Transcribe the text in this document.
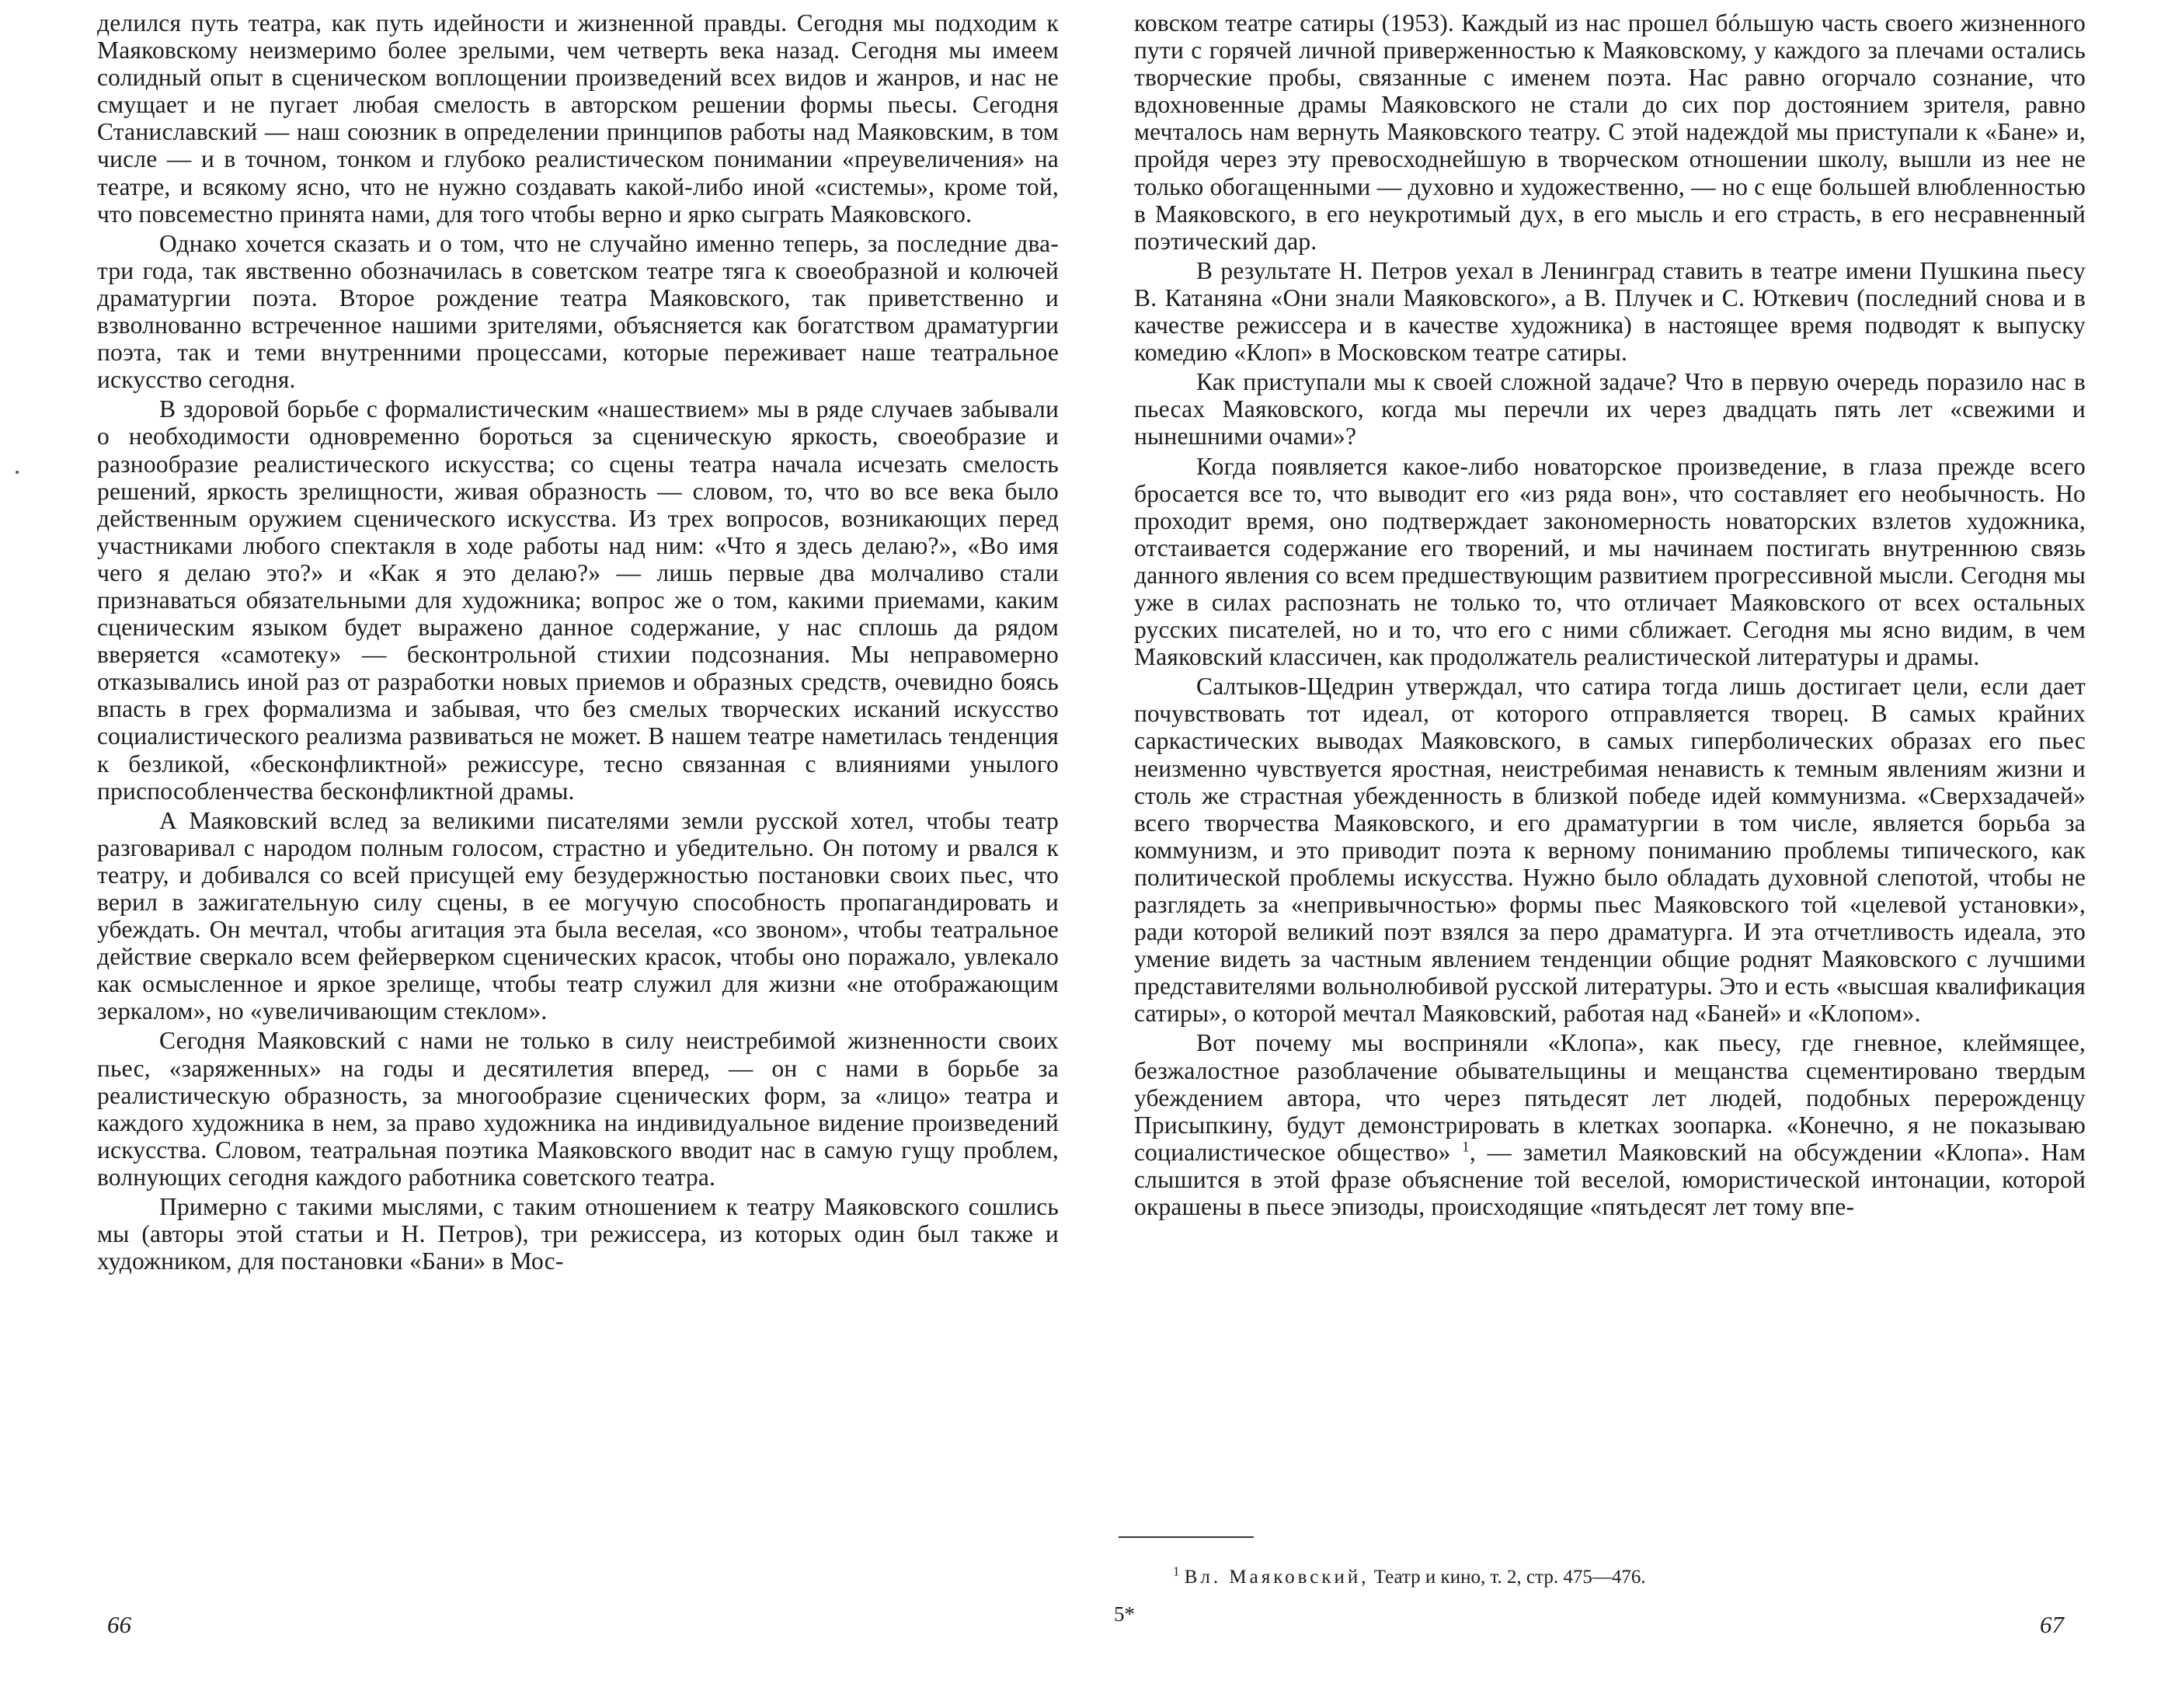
делился путь театра, как путь идейности и жизненной правды. Сегодня мы подходим к Маяковскому неизмеримо более зрелыми, чем четверть века назад. Сегодня мы имеем солидный опыт в сценическом воплощении произведений всех видов и жанров, и нас не смущает и не пугает любая смелость в авторском решении формы пьесы. Сегодня Станиславский — наш союзник в определении принципов работы над Маяковским, в том числе — и в точном, тонком и глубоко реалистическом понимании «преувеличения» на театре, и всякому ясно, что не нужно создавать какой-либо иной «системы», кроме той, что повсеместно принята нами, для того чтобы верно и ярко сыграть Маяковского.

Однако хочется сказать и о том, что не случайно именно теперь, за последние два-три года, так явственно обозначилась в советском театре тяга к своеобразной и колючей драматургии поэта. Второе рождение театра Маяковского, так приветственно и взволнованно встреченное нашими зрителями, объясняется как богатством драматургии поэта, так и теми внутренними процессами, которые переживает наше театральное искусство сегодня.

В здоровой борьбе с формалистическим «нашествием» мы в ряде случаев забывали о необходимости одновременно бороться за сценическую яркость, своеобразие и разнообразие реалистического искусства; со сцены театра начала исчезать смелость решений, яркость зрелищности, живая образность — словом, то, что во все века было действенным оружием сценического искусства. Из трех вопросов, возникающих перед участниками любого спектакля в ходе работы над ним: «Что я здесь делаю?», «Во имя чего я делаю это?» и «Как я это делаю?» — лишь первые два молчаливо стали признаваться обязательными для художника; вопрос же о том, какими приемами, каким сценическим языком будет выражено данное содержание, у нас сплошь да рядом вверяется «самотеку» — бесконтрольной стихии подсознания. Мы неправомерно отказывались иной раз от разработки новых приемов и образных средств, очевидно боясь впасть в грех формализма и забывая, что без смелых творческих исканий искусство социалистического реализма развиваться не может. В нашем театре наметилась тенденция к безликой, «бесконфликтной» режиссуре, тесно связанная с влияниями унылого приспособленчества бесконфликтной драмы.

А Маяковский вслед за великими писателями земли русской хотел, чтобы театр разговаривал с народом полным голосом, страстно и убедительно. Он потому и рвался к театру, и добивался со всей присущей ему безудержностью постановки своих пьес, что верил в зажигательную силу сцены, в ее могучую способность пропагандировать и убеждать. Он мечтал, чтобы агитация эта была веселая, «со звоном», чтобы театральное действие сверкало всем фейерверком сценических красок, чтобы оно поражало, увлекало как осмысленное и яркое зрелище, чтобы театр служил для жизни «не отображающим зеркалом», но «увеличивающим стеклом».

Сегодня Маяковский с нами не только в силу неистребимой жизненности своих пьес, «заряженных» на годы и десятилетия вперед, — он с нами в борьбе за реалистическую образность, за многообразие сценических форм, за «лицо» театра и каждого художника в нем, за право художника на индивидуальное видение произведений искусства. Словом, театральная поэтика Маяковского вводит нас в самую гущу проблем, волнующих сегодня каждого работника советского театра.

Примерно с такими мыслями, с таким отношением к театру Маяковского сошлись мы (авторы этой статьи и Н. Петров), три режиссера, из которых один был также и художником, для постановки «Бани» в Мос-

66

ковском театре сатиры (1953). Каждый из нас прошел бóльшую часть своего жизненного пути с горячей личной приверженностью к Маяковскому, у каждого за плечами остались творческие пробы, связанные с именем поэта. Нас равно огорчало сознание, что вдохновенные драмы Маяковского не стали до сих пор достоянием зрителя, равно мечталось нам вернуть Маяковского театру. С этой надеждой мы приступали к «Бане» и, пройдя через эту превосходнейшую в творческом отношении школу, вышли из нее не только обогащенными — духовно и художественно, — но с еще большей влюбленностью в Маяковского, в его неукротимый дух, в его мысль и его страсть, в его несравненный поэтический дар.

В результате Н. Петров уехал в Ленинград ставить в театре имени Пушкина пьесу В. Катаняна «Они знали Маяковского», а В. Плучек и С. Юткевич (последний снова и в качестве режиссера и в качестве художника) в настоящее время подводят к выпуску комедию «Клоп» в Московском театре сатиры.

Как приступали мы к своей сложной задаче? Что в первую очередь поразило нас в пьесах Маяковского, когда мы перечли их через двадцать пять лет «свежими и нынешними очами»?

Когда появляется какое-либо новаторское произведение, в глаза прежде всего бросается все то, что выводит его «из ряда вон», что составляет его необычность. Но проходит время, оно подтверждает закономерность новаторских взлетов художника, отстаивается содержание его творений, и мы начинаем постигать внутреннюю связь данного явления со всем предшествующим развитием прогрессивной мысли. Сегодня мы уже в силах распознать не только то, что отличает Маяковского от всех остальных русских писателей, но и то, что его с ними сближает. Сегодня мы ясно видим, в чем Маяковский классичен, как продолжатель реалистической литературы и драмы.

Салтыков-Щедрин утверждал, что сатира тогда лишь достигает цели, если дает почувствовать тот идеал, от которого отправляется творец. В самых крайних саркастических выводах Маяковского, в самых гиперболических образах его пьес неизменно чувствуется яростная, неистребимая ненависть к темным явлениям жизни и столь же страстная убежденность в близкой победе идей коммунизма. «Сверхзадачей» всего творчества Маяковского, и его драматургии в том числе, является борьба за коммунизм, и это приводит поэта к верному пониманию проблемы типического, как политической проблемы искусства. Нужно было обладать духовной слепотой, чтобы не разглядеть за «непривычностью» формы пьес Маяковского той «целевой установки», ради которой великий поэт взялся за перо драматурга. И эта отчетливость идеала, это умение видеть за частным явлением тенденции общие роднят Маяковского с лучшими представителями вольнолюбивой русской литературы. Это и есть «высшая квалификация сатиры», о которой мечтал Маяковский, работая над «Баней» и «Клопом».

Вот почему мы восприняли «Клопа», как пьесу, где гневное, клеймящее, безжалостное разоблачение обывательщины и мещанства сцементировано твердым убеждением автора, что через пятьдесят лет людей, подобных перерожденцу Присыпкину, будут демонстрировать в клетках зоопарка. «Конечно, я не показываю социалистическое общество» $^1$, — заметил Маяковский на обсуждении «Клопа». Нам слышится в этой фразе объяснение той веселой, юмористической интонации, которой окрашены в пьесе эпизоды, происходящие «пятьдесят лет тому впе-

$^1$ Вл. Маяковский, Театр и кино, т. 2, стр. 475—476.
5*	67
